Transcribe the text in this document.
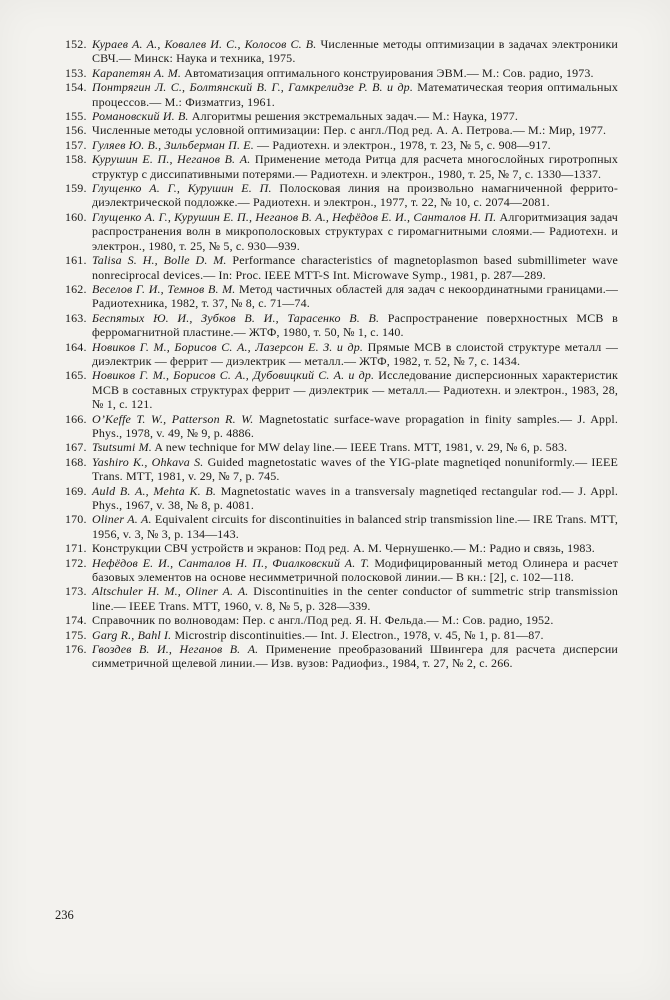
152. Кураев А. А., Ковалев И. С., Колосов С. В. Численные методы оптимизации в задачах электроники СВЧ.— Минск: Наука и техника, 1975.

153. Карапетян А. М. Автоматизация оптимального конструирования ЭВМ.— М.: Сов. радио, 1973.

154. Понтрягин Л. С., Болтянский В. Г., Гамкрелидзе Р. В. и др. Математическая теория оптимальных процессов.— М.: Физматгиз, 1961.

155. Романовский И. В. Алгоритмы решения экстремальных задач.— М.: Наука, 1977.

156. Численные методы условной оптимизации: Пер. с англ./Под ред. А. А. Петрова.— М.: Мир, 1977.

157. Гуляев Ю. В., Зильберман П. Е. — Радиотехн. и электрон., 1978, т. 23, № 5, с. 908—917.

158. Курушин Е. П., Неганов В. А. Применение метода Ритца для расчета многослойных гиротропных структур с диссипативными потерями.— Радиотехн. и электрон., 1980, т. 25, № 7, с. 1330—1337.

159. Глущенко А. Г., Курушин Е. П. Полосковая линия на произвольно намагниченной феррито-диэлектрической подложке.— Радиотехн. и электрон., 1977, т. 22, № 10, с. 2074—2081.

160. Глущенко А. Г., Курушин Е. П., Неганов В. А., Нефёдов Е. И., Санталов Н. П. Алгоритмизация задач распространения волн в микрополосковых структурах с гиромагнитными слоями.— Радиотехн. и электрон., 1980, т. 25, № 5, с. 930—939.

161. Talisa S. H., Bolle D. M. Performance characteristics of magnetoplasmon based submillimeter wave nonreciprocal devices.— In: Proc. IEEE MTT-S Int. Microwave Symp., 1981, p. 287—289.

162. Веселов Г. И., Темнов В. М. Метод частичных областей для задач с некоординатными границами.— Радиотехника, 1982, т. 37, № 8, с. 71—74.

163. Беспятых Ю. И., Зубков В. И., Тарасенко В. В. Распространение поверхностных МСВ в ферромагнитной пластине.— ЖТФ, 1980, т. 50, № 1, с. 140.

164. Новиков Г. М., Борисов С. А., Лазерсон Е. З. и др. Прямые МСВ в слоистой структуре металл — диэлектрик — феррит — диэлектрик — металл.— ЖТФ, 1982, т. 52, № 7, с. 1434.

165. Новиков Г. М., Борисов С. А., Дубовицкий С. А. и др. Исследование дисперсионных характеристик МСВ в составных структурах феррит — диэлектрик — металл.— Радиотехн. и электрон., 1983, 28, № 1, с. 121.

166. O’Keffe T. W., Patterson R. W. Magnetostatic surface-wave propagation in finity samples.— J. Appl. Phys., 1978, v. 49, № 9, p. 4886.

167. Tsutsumi M. A new technique for MW delay line.— IEEE Trans. MTT, 1981, v. 29, № 6, p. 583.

168. Yashiro K., Ohkava S. Guided magnetostatic waves of the YIG-plate magnetiqed nonuniformly.— IEEE Trans. MTT, 1981, v. 29, № 7, p. 745.

169. Auld B. A., Mehta K. B. Magnetostatic waves in a transversaly magnetiqed rectangular rod.— J. Appl. Phys., 1967, v. 38, № 8, p. 4081.

170. Oliner A. A. Equivalent circuits for discontinuities in balanced strip transmission line.— IRE Trans. MTT, 1956, v. 3, № 3, p. 134—143.

171. Конструкции СВЧ устройств и экранов: Под ред. А. М. Чернушенко.— М.: Радио и связь, 1983.

172. Нефёдов Е. И., Санталов Н. П., Фиалковский А. Т. Модифицированный метод Олинера и расчет базовых элементов на основе несимметричной полосковой линии.— В кн.: [2], с. 102—118.

173. Altschuler H. M., Oliner A. A. Discontinuities in the center conductor of summetric strip transmission line.— IEEE Trans. MTT, 1960, v. 8, № 5, p. 328—339.

174. Справочник по волноводам: Пер. с англ./Под ред. Я. Н. Фельда.— М.: Сов. радио, 1952.

175. Garg R., Bahl I. Microstrip discontinuities.— Int. J. Electron., 1978, v. 45, № 1, p. 81—87.

176. Гвоздев В. И., Неганов В. А. Применение преобразований Швингера для расчета дисперсии симметричной щелевой линии.— Изв. вузов: Радиофиз., 1984, т. 27, № 2, с. 266.

236
